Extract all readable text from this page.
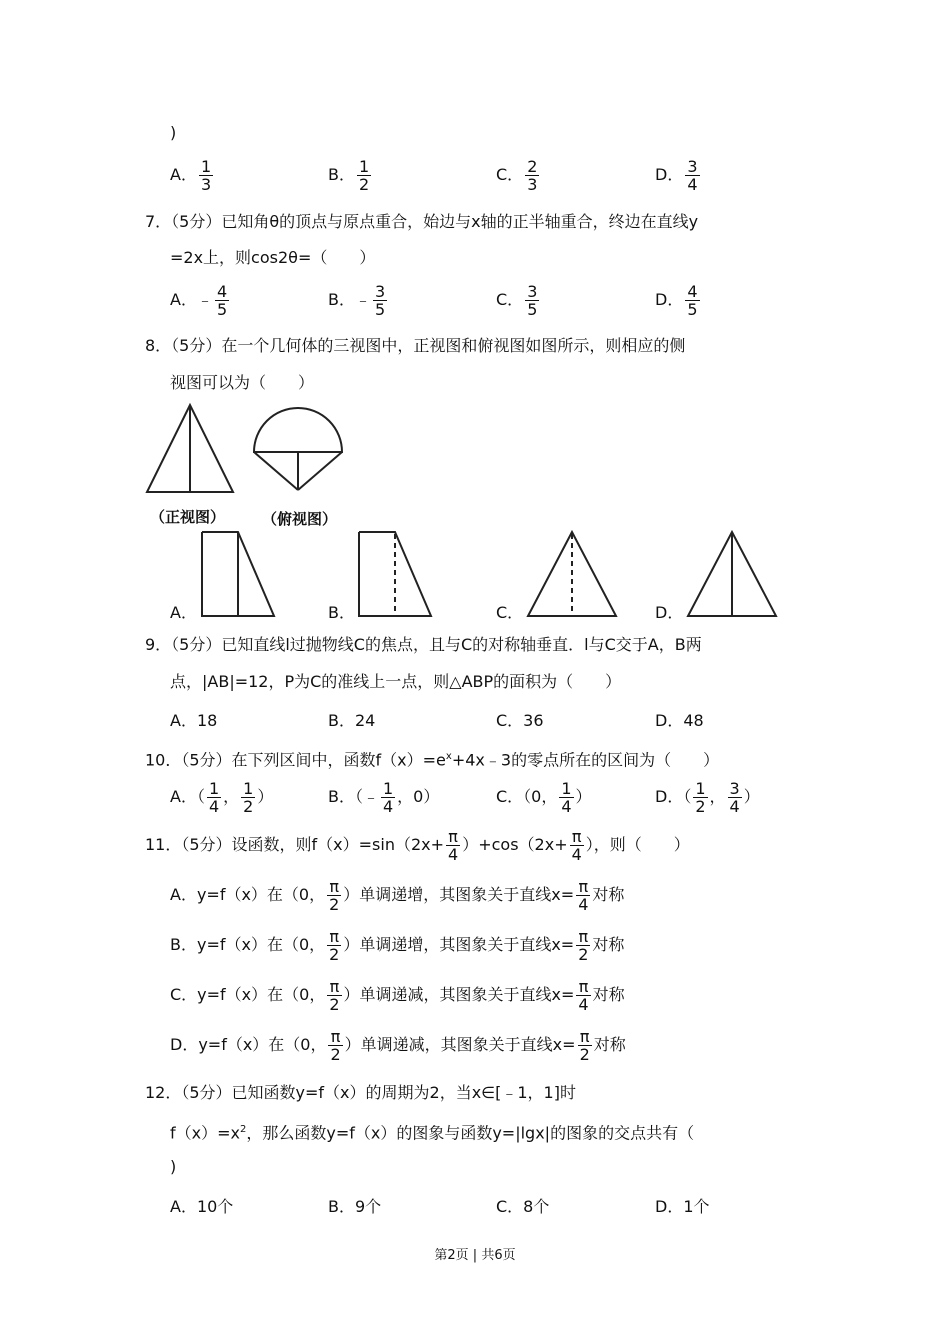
)
A． $\frac{1}{3}$	B． $\frac{1}{2}$	C． $\frac{2}{3}$	D． $\frac{3}{4}$
7．（5分）已知角θ的顶点与原点重合，始边与x轴的正半轴重合，终边在直线y
=2x上，则cos2θ=（　　）
A．﹣ $\frac{4}{5}$	B．﹣ $\frac{3}{5}$	C． $\frac{3}{5}$	D． $\frac{4}{5}$
8．（5分）在一个几何体的三视图中，正视图和俯视图如图所示，则相应的侧
视图可以为（　　）
（正视图） （俯视图）
A．	B．	C．	D．
9．（5分）已知直线l过抛物线C的焦点，且与C的对称轴垂直．l与C交于A，B两
点，|AB|=12，P为C的准线上一点，则△ABP的面积为（　　）
A．18	B．24	C．36	D．48
10．（5分）在下列区间中，函数$f(x)=e^x+4x﹣3$的零点所在的区间为（　　）
A．（ $\frac{1}{4}$ ， $\frac{1}{2}$ ）	B．（﹣ $\frac{1}{4}$ ，0）	C．（0， $\frac{1}{4}$ ）	D．（ $\frac{1}{2}$ ， $\frac{3}{4}$ ）
11．（5分）设函数，则$f(x)=\sin(2x+ \frac{\pi}{4} )+\cos(2x+ \frac{\pi}{4}$ ），则（　　）
A．y=f（x）在（0， $\frac{\pi}{2}$ ）单调递增，其图象关于直线$x= \frac{\pi}{4}$ 对称
B．y=f（x）在（0， $\frac{\pi}{2}$ ）单调递增，其图象关于直线$x= \frac{\pi}{2}$ 对称
C．y=f（x）在（0， $\frac{\pi}{2}$ ）单调递减，其图象关于直线$x= \frac{\pi}{4}$ 对称
D．y=f（x）在（0， $\frac{\pi}{2}$ ）单调递减，其图象关于直线$x= \frac{\pi}{2}$ 对称
12．（5分）已知函数y=f（x）的周期为2，当x∈[﹣1，1]时
$f(x)=x^2$，那么函数y=f（x）的图象与函数y=|lgx|的图象的交点共有（
)
A．10个	B．9个	C．8个	D．1个
第2页 | 共6页
